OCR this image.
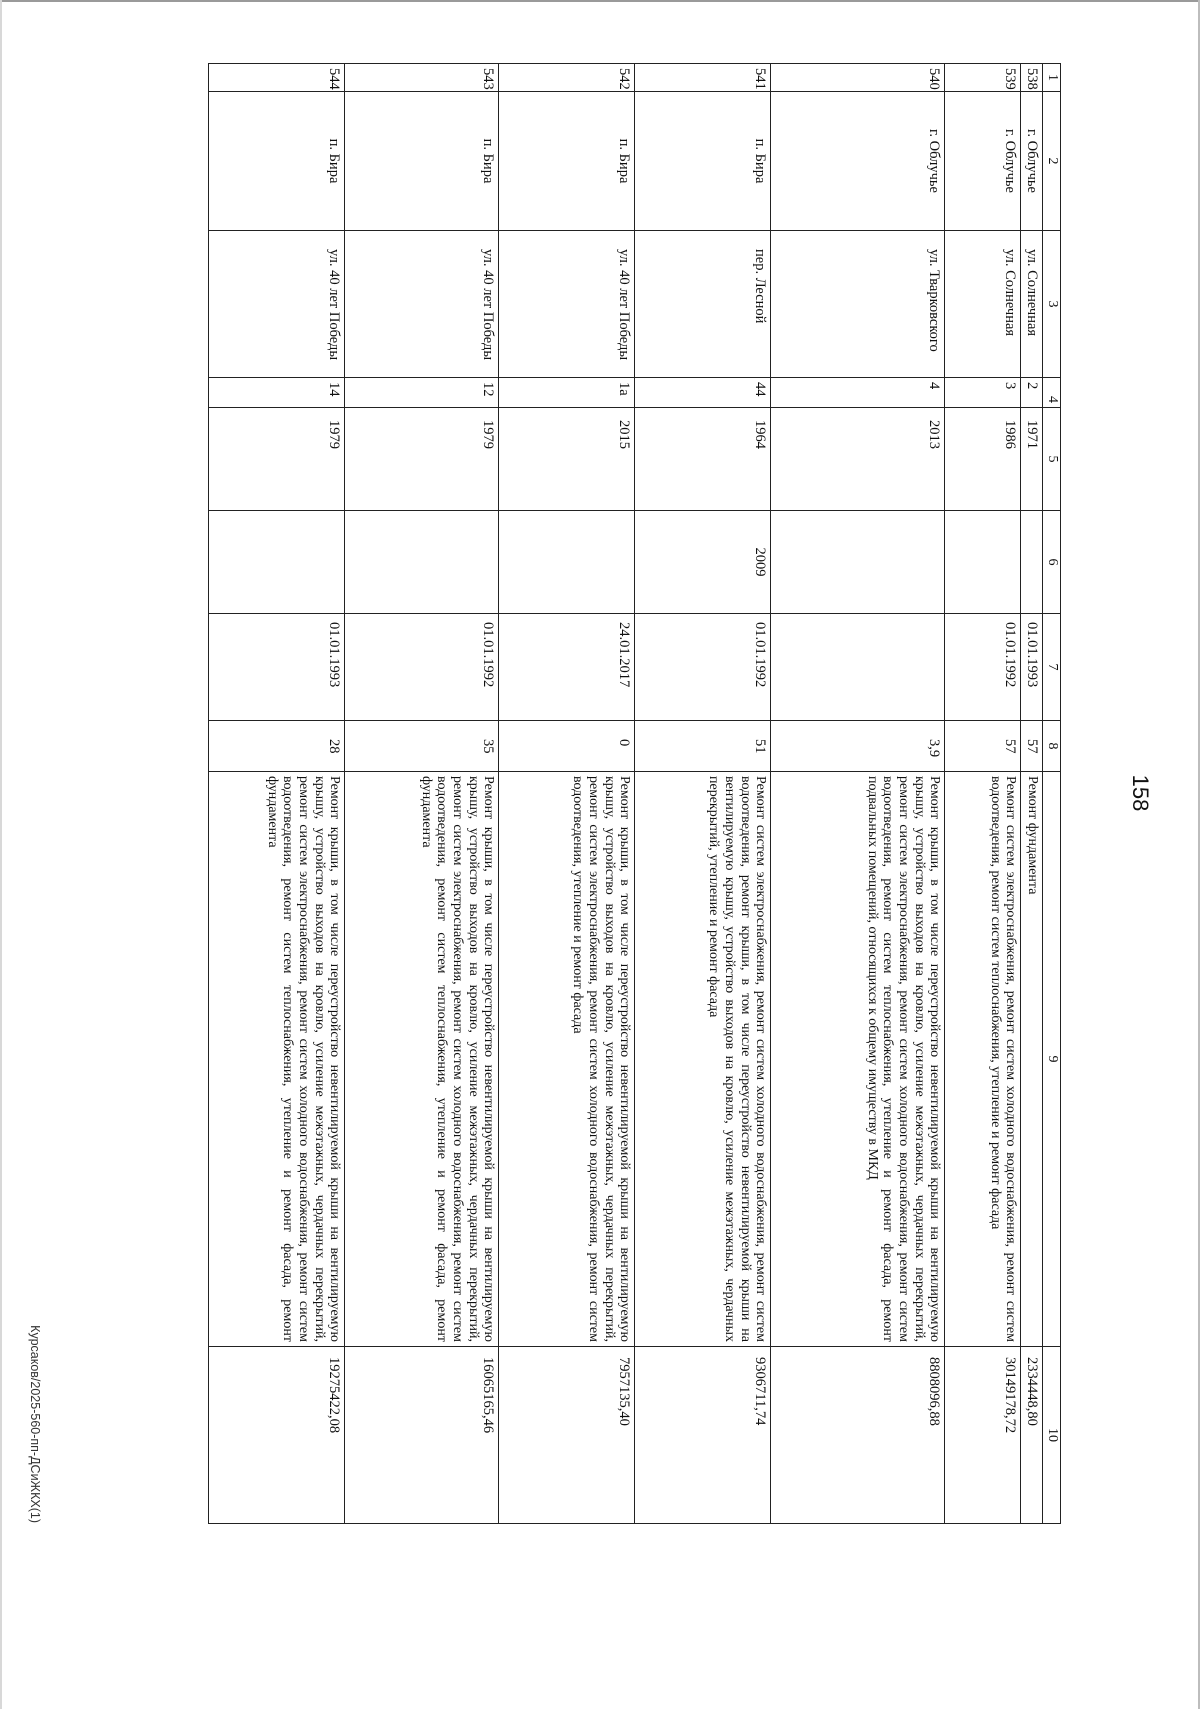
158
1	2	3	4	5	6	7	8	9	10
538	г. Облучье	ул. Солнечная	2	1971		01.01.1993	57	Ремонт фундамента	2334448,80
539	г. Облучье	ул. Солнечная	3	1986		01.01.1992	57	Ремонт систем электроснабжения, ремонт систем холодного водоснабжения, ремонт систем водоотведения, ремонт систем теплоснабжения, утепление и ремонт фасада	30149178,72
540	г. Облучье	ул. Тварковского	4	2013			3,9	Ремонт крыши, в том числе переустройство невентилируемой крыши на вентилируемую крышу, устройство выходов на кровлю, усиление межэтажных, чердачных перекрытий, ремонт систем электроснабжения, ремонт систем холодного водоснабжения, ремонт систем водоотведения, ремонт систем теплоснабжения, утепление и ремонт фасада, ремонт подвальных помещений, относящихся к общему имуществу в МКД	8808096,88
541	п. Бира	пер. Лесной	44	1964	2009	01.01.1992	51	Ремонт систем электроснабжения, ремонт систем холодного водоснабжения, ремонт систем водоотведения, ремонт крыши, в том числе переустройство невентилируемой крыши на вентилируемую крышу, устройство выходов на кровлю, усиление межэтажных, чердачных перекрытий, утепление и ремонт фасада	9306711,74
542	п. Бира	ул. 40 лет Победы	1а	2015		24.01.2017	0	Ремонт крыши, в том числе переустройство невентилируемой крыши на вентилируемую крышу, устройство выходов на кровлю, усиление межэтажных, чердачных перекрытий, ремонт систем электроснабжения, ремонт систем холодного водоснабжения, ремонт систем водоотведения, утепление и ремонт фасада	7957135,40
543	п. Бира	ул. 40 лет Победы	12	1979		01.01.1992	35	Ремонт крыши, в том числе переустройство невентилируемой крыши на вентилируемую крышу, устройство выходов на кровлю, усиление межэтажных, чердачных перекрытий, ремонт систем электроснабжения, ремонт систем холодного водоснабжения, ремонт систем водоотведения, ремонт систем теплоснабжения, утепление и ремонт фасада, ремонт фундамента	16065165,46
544	п. Бира	ул. 40 лет Победы	14	1979		01.01.1993	28	Ремонт крыши, в том числе переустройство невентилируемой крыши на вентилируемую крышу, устройство выходов на кровлю, усиление межэтажных, чердачных перекрытий, ремонт систем электроснабжения, ремонт систем холодного водоснабжения, ремонт систем водоотведения, ремонт систем теплоснабжения, утепление и ремонт фасада, ремонт фундамента	19275422,08
Курсаков/2025-560-пп-ДСиЖКХ(1)
